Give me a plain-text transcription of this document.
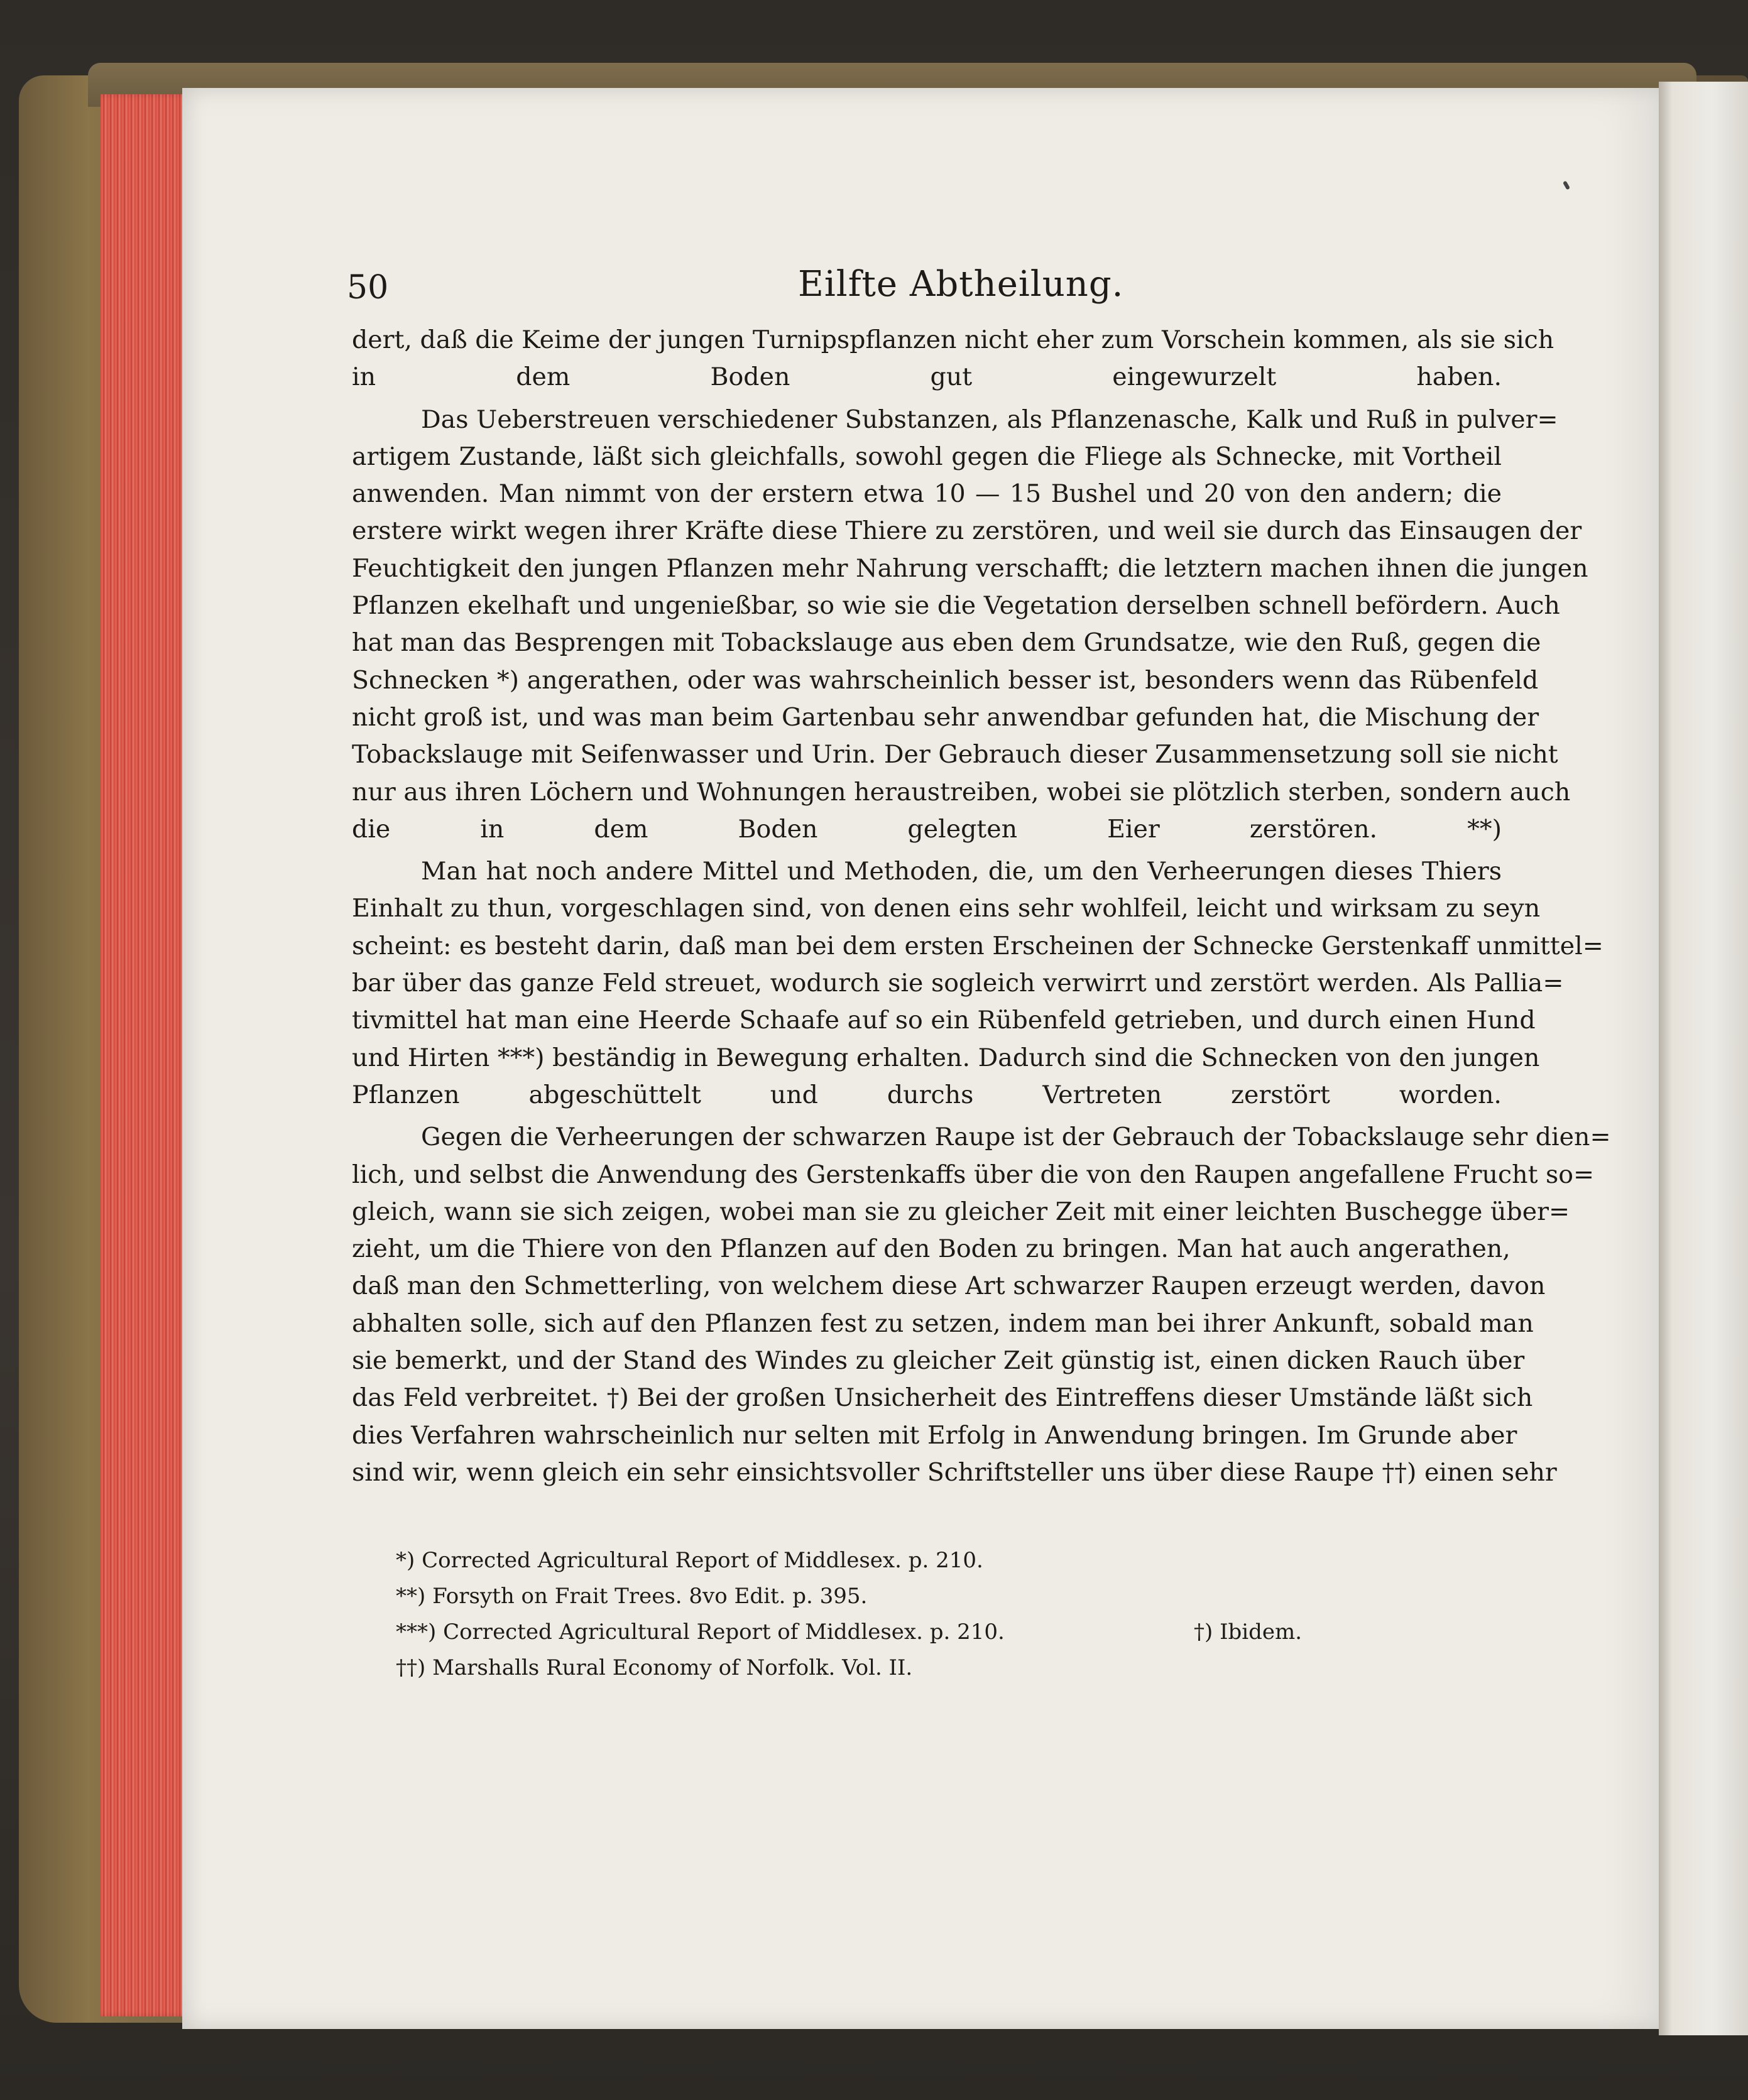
50	Eilfte Abtheilung.

dert, daß die Keime der jungen Turnipspflanzen nicht eher zum Vorschein kommen, als sie sich
in dem Boden gut eingewurzelt haben.

Das Ueberstreuen verschiedener Substanzen, als Pflanzenasche, Kalk und Ruß in pulver=
artigem Zustande, läßt sich gleichfalls, sowohl gegen die Fliege als Schnecke, mit Vortheil
anwenden. Man nimmt von der erstern etwa 10 — 15 Bushel und 20 von den andern; die
erstere wirkt wegen ihrer Kräfte diese Thiere zu zerstören, und weil sie durch das Einsaugen der
Feuchtigkeit den jungen Pflanzen mehr Nahrung verschafft; die letztern machen ihnen die jungen
Pflanzen ekelhaft und ungenießbar, so wie sie die Vegetation derselben schnell befördern. Auch
hat man das Besprengen mit Tobackslauge aus eben dem Grundsatze, wie den Ruß, gegen die
Schnecken *) angerathen, oder was wahrscheinlich besser ist, besonders wenn das Rübenfeld
nicht groß ist, und was man beim Gartenbau sehr anwendbar gefunden hat, die Mischung der
Tobackslauge mit Seifenwasser und Urin. Der Gebrauch dieser Zusammensetzung soll sie nicht
nur aus ihren Löchern und Wohnungen heraustreiben, wobei sie plötzlich sterben, sondern auch
die in dem Boden gelegten Eier zerstören. **)

Man hat noch andere Mittel und Methoden, die, um den Verheerungen dieses Thiers
Einhalt zu thun, vorgeschlagen sind, von denen eins sehr wohlfeil, leicht und wirksam zu seyn
scheint: es besteht darin, daß man bei dem ersten Erscheinen der Schnecke Gerstenkaff unmittel=
bar über das ganze Feld streuet, wodurch sie sogleich verwirrt und zerstört werden. Als Pallia=
tivmittel hat man eine Heerde Schaafe auf so ein Rübenfeld getrieben, und durch einen Hund
und Hirten ***) beständig in Bewegung erhalten. Dadurch sind die Schnecken von den jungen
Pflanzen abgeschüttelt und durchs Vertreten zerstört worden.

Gegen die Verheerungen der schwarzen Raupe ist der Gebrauch der Tobackslauge sehr dien=
lich, und selbst die Anwendung des Gerstenkaffs über die von den Raupen angefallene Frucht so=
gleich, wann sie sich zeigen, wobei man sie zu gleicher Zeit mit einer leichten Buschegge über=
zieht, um die Thiere von den Pflanzen auf den Boden zu bringen. Man hat auch angerathen,
daß man den Schmetterling, von welchem diese Art schwarzer Raupen erzeugt werden, davon
abhalten solle, sich auf den Pflanzen fest zu setzen, indem man bei ihrer Ankunft, sobald man
sie bemerkt, und der Stand des Windes zu gleicher Zeit günstig ist, einen dicken Rauch über
das Feld verbreitet. †) Bei der großen Unsicherheit des Eintreffens dieser Umstände läßt sich
dies Verfahren wahrscheinlich nur selten mit Erfolg in Anwendung bringen. Im Grunde aber
sind wir, wenn gleich ein sehr einsichtsvoller Schriftsteller uns über diese Raupe ††) einen sehr

*) Corrected Agricultural Report of Middlesex. p. 210.
**) Forsyth on Frait Trees. 8vo Edit. p. 395.
***) Corrected Agricultural Report of Middlesex. p. 210.	†) Ibidem.
††) Marshalls Rural Economy of Norfolk. Vol. II.
